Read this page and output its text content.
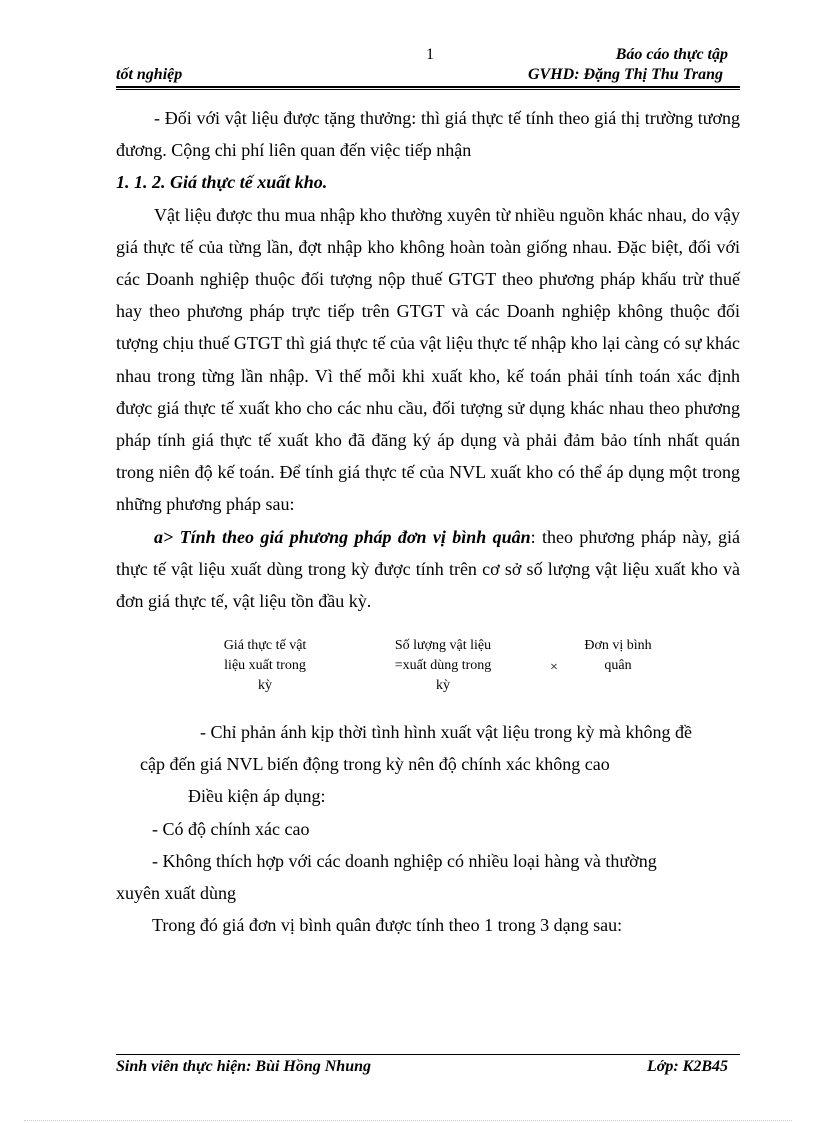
1	Báo cáo thực tập
tốt nghiệp	GVHD: Đặng Thị Thu Trang

- Đối với vật liệu được tặng thưởng: thì giá thực tế tính theo giá thị trường tương đương. Cộng chi phí liên quan đến việc tiếp nhận

1. 1. 2. Giá thực tế xuất kho.

Vật liệu được thu mua nhập kho thường xuyên từ nhiều nguồn khác nhau, do vậy giá thực tế của từng lần, đợt nhập kho không hoàn toàn giống nhau. Đặc biệt, đối với các Doanh nghiệp thuộc đối tượng nộp thuế GTGT theo phương pháp khấu trừ thuế hay theo phương pháp trực tiếp trên GTGT và các Doanh nghiệp không thuộc đối tượng chịu thuế GTGT thì giá thực tế của vật liệu thực tế nhập kho lại càng có sự khác nhau trong từng lần nhập. Vì thế mỗi khi xuất kho, kế toán phải tính toán xác định được giá thực tế xuất kho cho các nhu cầu, đối tượng sử dụng khác nhau theo phương pháp tính giá thực tế xuất kho đã đăng ký áp dụng và phải đảm bảo tính nhất quán trong niên độ kế toán. Để tính giá thực tế của NVL xuất kho có thể áp dụng một trong những phương pháp sau:

a> Tính theo giá phương pháp đơn vị bình quân: theo phương pháp này, giá thực tế vật liệu xuất dùng trong kỳ được tính trên cơ sở số lượng vật liệu xuất kho và đơn giá thực tế, vật liệu tồn đầu kỳ.

Giá thực tế vật
liệu xuất trong
kỳ
Số lượng vật liệu
=xuất dùng trong
kỳ
×
Đơn vị bình
quân

- Chỉ phản ánh kịp thời tình hình xuất vật liệu trong kỳ mà không đề

cập đến giá NVL biến động trong kỳ nên độ chính xác không cao

Điều kiện áp dụng:

- Có độ chính xác cao

- Không thích hợp với các doanh nghiệp có nhiều loại hàng và thường

xuyên xuất dùng

Trong đó giá đơn vị bình quân được tính theo 1 trong 3 dạng sau:

Sinh viên thực hiện: Bùi Hồng Nhung	Lớp: K2B45
